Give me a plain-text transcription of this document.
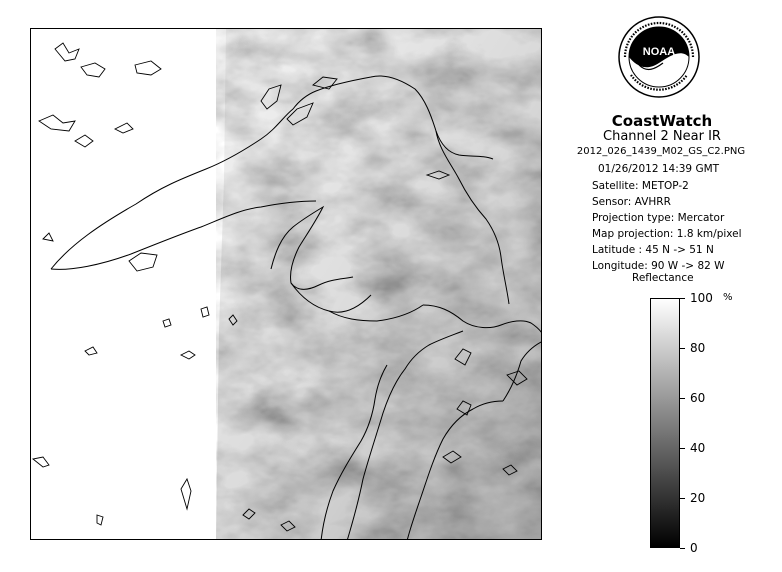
NOAA
CoastWatch
Channel 2 Near IR
2012_026_1439_M02_GS_C2.PNG
01/26/2012 14:39 GMT
Satellite: METOP-2
Sensor: AVHRR
Projection type: Mercator
Map projection: 1.8 km/pixel
Latitude : 45 N -> 51 N
Longitude: 90 W -> 82 W
Reflectance
%
100
80
60
40
20
0
